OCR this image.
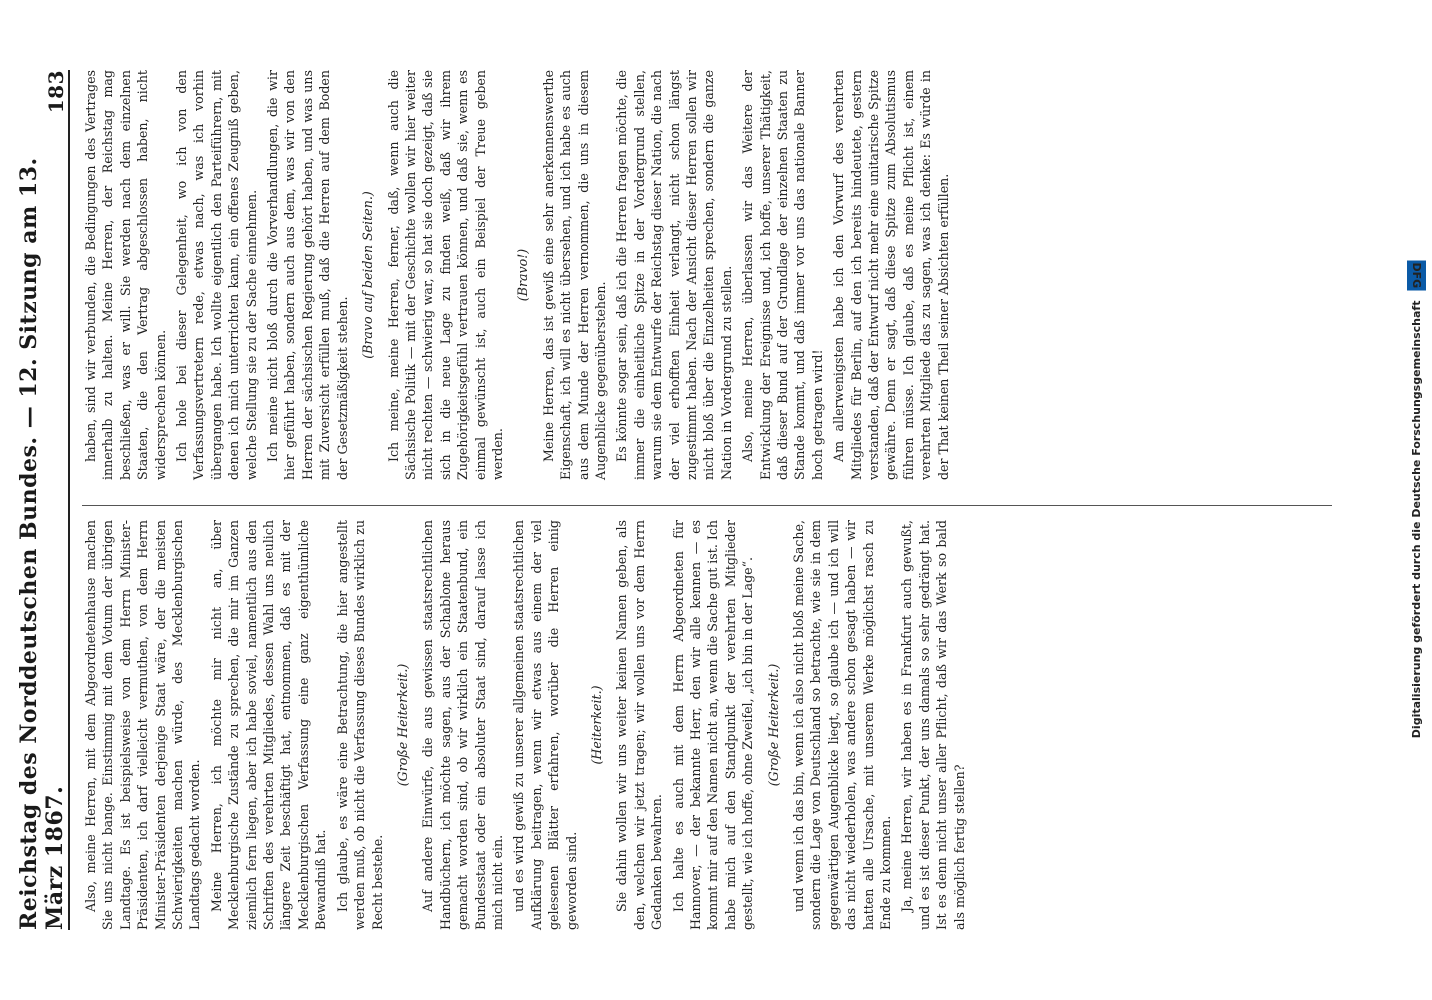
Reichstag des Norddeutschen Bundes. — 12. Sitzung am 13. März 1867.
183

Also, meine Herren, mit dem Abgeordnetenhause machen Sie uns nicht bange. Einstimmig mit dem Votum der übrigen Landtage. Es ist beispielsweise von dem Herrn Minister-Präsidenten, ich darf vielleicht vermuthen, von dem Herrn Minister-Präsidenten derjenige Staat wäre, der die meisten Schwierigkeiten machen würde, des Mecklenburgischen Landtags gedacht worden. Meine Herren, ich möchte mir nicht an, über Mecklenburgische Zustände zu sprechen, die mir im Ganzen ziemlich fern liegen, aber ich habe soviel, namentlich aus den Schriften des verehrten Mitgliedes, dessen Wahl uns neulich längere Zeit beschäftigt hat, entnommen, daß es mit der Mecklenburgischen Verfassung eine ganz eigenthümliche Bewandniß hat. Ich glaube, es wäre eine Betrachtung, die hier angestellt werden muß, ob nicht die Verfassung dieses Bundes wirklich zu Recht bestehe.

(Große Heiterkeit.) Auf andere Einwürfe, die aus gewissen staatsrechtlichen Handbüchern, ich möchte sagen, aus der Schablone heraus gemacht worden sind, ob wir wirklich ein Staatenbund, ein Bundesstaat oder ein absoluter Staat sind, darauf lasse ich mich nicht ein. und es wird gewiß zu unserer allgemeinen staatsrechtlichen Aufklärung beitragen, wenn wir etwas aus einem der viel gelesenen Blätter erfahren, worüber die Herren einig geworden sind.

(Heiterkeit.) Sie dahin wollen wir uns weiter keinen Namen geben, als den, welchen wir jetzt tragen; wir wollen uns vor dem Herrn Gedanken bewahren. Ich halte es auch mit dem Herrn Abgeordneten für Hannover, — der bekannte Herr, den wir alle kennen — es kommt mir auf den Namen nicht an, wenn die Sache gut ist. Ich habe mich auf den Standpunkt der verehrten Mitglieder gestellt, wie ich hoffe, ohne Zweifel, „ich bin in der Lage“. (Große Heiterkeit.) und wenn ich das bin, wenn ich also nicht bloß meine Sache, sondern die Lage von Deutschland so betrachte, wie sie in dem gegenwärtigen Augenblicke liegt, so glaube ich — und ich will das nicht wiederholen, was andere schon gesagt haben — wir hatten alle Ursache, mit unserem Werke möglichst rasch zu Ende zu kommen. Ja, meine Herren, wir haben es in Frankfurt auch gewußt, und es ist dieser Punkt, der uns damals so sehr gedrängt hat. Ist es denn nicht unser aller Pflicht, daß wir das Werk so bald als möglich fertig stellen?

haben, sind wir verbunden, die Bedingungen des Vertrages innerhalb zu halten. Meine Herren, der Reichstag mag beschließen, was er will. Sie werden nach dem einzelnen Staaten, die den Vertrag abgeschlossen haben, nicht widersprechen können. Ich hole bei dieser Gelegenheit, wo ich von den Verfassungsvertretern rede, etwas nach, was ich vorhin übergangen habe. Ich wollte eigentlich den Parteiführern, mit denen ich mich unterrichten kann, ein offenes Zeugniß geben, welche Stellung sie zu der Sache einnehmen. Ich meine nicht bloß durch die Vorverhandlungen, die wir hier geführt haben, sondern auch aus dem, was wir von den Herren der sächsischen Regierung gehört haben, und was uns mit Zuversicht erfüllen muß, daß die Herren auf dem Boden der Gesetzmäßigkeit stehen.

(Bravo auf beiden Seiten.) Ich meine, meine Herren, ferner, daß, wenn auch die Sächsische Politik — mit der Geschichte wollen wir hier weiter nicht rechten — schwierig war, so hat sie doch gezeigt, daß sie sich in die neue Lage zu finden weiß, daß wir ihrem Zugehörigkeitsgefühl vertrauen können, und daß sie, wenn es einmal gewünscht ist, auch ein Beispiel der Treue geben werden.

(Bravo!) Meine Herren, das ist gewiß eine sehr anerkennenswerthe Eigenschaft, ich will es nicht übersehen, und ich habe es auch aus dem Munde der Herren vernommen, die uns in diesem Augenblicke gegenüberstehen. Es könnte sogar sein, daß ich die Herren fragen möchte, die immer die einheitliche Spitze in der Vordergrund stellen, warum sie dem Entwurfe der Reichstag dieser Nation, die nach der viel erhofften Einheit verlangt, nicht schon längst zugestimmt haben. Nach der Ansicht dieser Herren sollen wir nicht bloß über die Einzelheiten sprechen, sondern die ganze Nation in Vordergrund zu stellen. Also, meine Herren, überlassen wir das Weitere der Entwicklung der Ereignisse und, ich hoffe, unserer Thätigkeit, daß dieser Bund auf der Grundlage der einzelnen Staaten zu Stande kommt, und daß immer vor uns das nationale Banner hoch getragen wird! Am allerwenigsten habe ich den Vorwurf des verehrten Mitgliedes für Berlin, auf den ich bereits hindeutete, gestern verstanden, daß der Entwurf nicht mehr eine unitarische Spitze gewähre. Denn er sagt, daß diese Spitze zum Absolutismus führen müsse. Ich glaube, daß es meine Pflicht ist, einem verehrten Mitgliede das zu sagen, was ich denke: Es würde in der That keinen Theil seiner Absichten erfüllen.	Digitalisierung gefördert durch die Deutsche Forschungsgemeinschaft DFG
